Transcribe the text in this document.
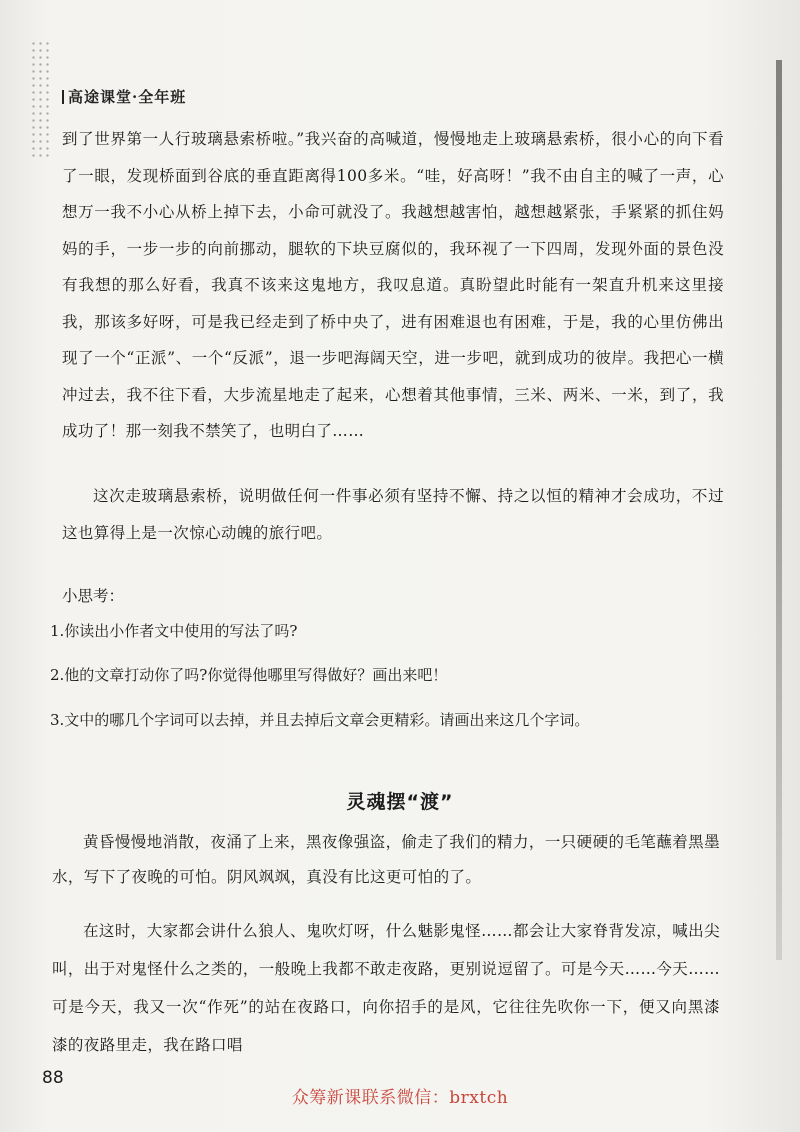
高途课堂·全年班
到了世界第一人行玻璃悬索桥啦。”我兴奋的高喊道，慢慢地走上玻璃悬索桥，很小心的向下看了一眼，发现桥面到谷底的垂直距离得100多米。“哇，好高呀！”我不由自主的喊了一声，心想万一我不小心从桥上掉下去，小命可就没了。我越想越害怕，越想越紧张，手紧紧的抓住妈妈的手，一步一步的向前挪动，腿软的下块豆腐似的，我环视了一下四周，发现外面的景色没有我想的那么好看，我真不该来这鬼地方，我叹息道。真盼望此时能有一架直升机来这里接我，那该多好呀，可是我已经走到了桥中央了，进有困难退也有困难，于是，我的心里仿佛出现了一个“正派”、一个“反派”，退一步吧海阔天空，进一步吧，就到成功的彼岸。我把心一横冲过去，我不往下看，大步流星地走了起来，心想着其他事情，三米、两米、一米，到了，我成功了！那一刻我不禁笑了，也明白了……
这次走玻璃悬索桥，说明做任何一件事必须有坚持不懈、持之以恒的精神才会成功，不过这也算得上是一次惊心动魄的旅行吧。
小思考：
1.你读出小作者文中使用的写法了吗?
2.他的文章打动你了吗?你觉得他哪里写得做好？画出来吧！
3.文中的哪几个字词可以去掉，并且去掉后文章会更精彩。请画出来这几个字词。
灵魂摆“渡”
黄昏慢慢地消散，夜涌了上来，黑夜像强盗，偷走了我们的精力，一只硬硬的毛笔蘸着黑墨水，写下了夜晚的可怕。阴风飒飒，真没有比这更可怕的了。
在这时，大家都会讲什么狼人、鬼吹灯呀，什么魅影鬼怪……都会让大家脊背发凉，喊出尖叫，出于对鬼怪什么之类的，一般晚上我都不敢走夜路，更别说逗留了。可是今天……今天……可是今天，我又一次“作死”的站在夜路口，向你招手的是风，它往往先吹你一下，便又向黑漆漆的夜路里走，我在路口唱
88
众筹新课联系微信：brxtch
